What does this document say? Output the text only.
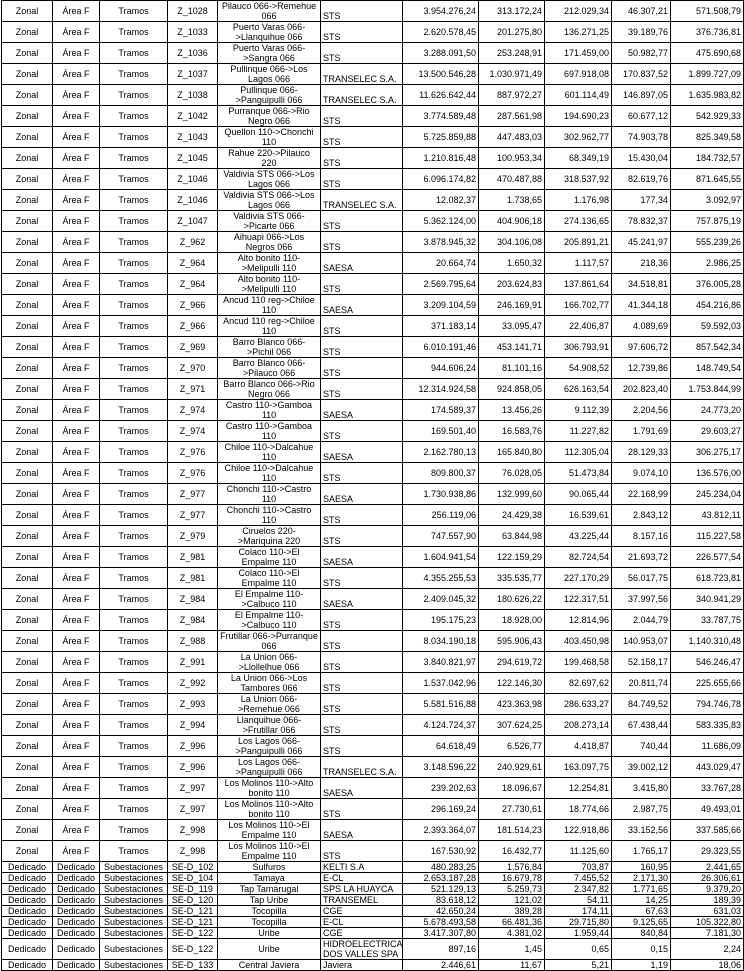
Zonal	Área F	Tramos	Z_1028	Pilauco 066->Remehue 066	STS	3.954.276,24	313.172,24	212.029,34	46.307,21	571.508,79
Zonal	Área F	Tramos	Z_1033	Puerto Varas 066->Llanquihue 066	STS	2.620.578,45	201.275,80	136.271,25	39.189,76	376.736,81
Zonal	Área F	Tramos	Z_1036	Puerto Varas 066->Sangra 066	STS	3.288.091,50	253.248,91	171.459,00	50.982,77	475.690,68
Zonal	Área F	Tramos	Z_1037	Pullinque 066->Los Lagos 066	TRANSELEC S.A.	13.500.546,28	1.030.971,49	697.918,08	170.837,52	1.899.727,09
Zonal	Área F	Tramos	Z_1038	Pullinque 066->Panguipulli 066	TRANSELEC S.A.	11.626.642,44	887.972,27	601.114,49	146.897,05	1.635.983,82
Zonal	Área F	Tramos	Z_1042	Purranque 066->Rio Negro 066	STS	3.774.589,48	287.561,98	194.690,23	60.677,12	542.929,33
Zonal	Área F	Tramos	Z_1043	Quellon 110->Chonchi 110	STS	5.725.859,88	447.483,03	302.962,77	74.903,78	825.349,58
Zonal	Área F	Tramos	Z_1045	Rahue 220->Pilauco 220	STS	1.210.816,48	100.953,34	68.349,19	15.430,04	184.732,57
Zonal	Área F	Tramos	Z_1046	Valdivia STS 066->Los Lagos 066	STS	6.096.174,82	470.487,88	318.537,92	82.619,76	871.645,55
Zonal	Área F	Tramos	Z_1046	Valdivia STS 066->Los Lagos 066	TRANSELEC S.A.	12.082,37	1.738,65	1.176,98	177,34	3.092,97
Zonal	Área F	Tramos	Z_1047	Valdivia STS 066->Picarte 066	STS	5.362.124,00	404.906,18	274.136,65	78.832,37	757.875,19
Zonal	Área F	Tramos	Z_962	Aihuapi 066->Los Negros 066	STS	3.878.945,32	304.106,08	205.891,21	45.241,97	555.239,26
Zonal	Área F	Tramos	Z_964	Alto bonito 110->Melipulli 110	SAESA	20.664,74	1.650,32	1.117,57	218,36	2.986,25
Zonal	Área F	Tramos	Z_964	Alto bonito 110->Melipulli 110	STS	2.569.795,64	203.624,83	137.861,64	34.518,81	376.005,28
Zonal	Área F	Tramos	Z_966	Ancud 110 reg->Chiloe 110	SAESA	3.209.104,59	246.169,91	166.702,77	41.344,18	454.216,86
Zonal	Área F	Tramos	Z_966	Ancud 110 reg->Chiloe 110	STS	371.183,14	33.095,47	22.406,87	4.089,69	59.592,03
Zonal	Área F	Tramos	Z_969	Barro Blanco 066->Pichil 066	STS	6.010.191,46	453.141,71	306.793,91	97.606,72	857.542,34
Zonal	Área F	Tramos	Z_970	Barro Blanco 066->Pilauco 066	STS	944.606,24	81.101,16	54.908,52	12.739,86	148.749,54
Zonal	Área F	Tramos	Z_971	Barro Blanco 066->Rio Negro 066	STS	12.314.924,58	924.858,05	626.163,54	202.823,40	1.753.844,99
Zonal	Área F	Tramos	Z_974	Castro 110->Gamboa 110	SAESA	174.589,37	13.456,26	9.112,39	2.204,56	24.773,20
Zonal	Área F	Tramos	Z_974	Castro 110->Gamboa 110	STS	169.501,40	16.583,76	11.227,82	1.791,69	29.603,27
Zonal	Área F	Tramos	Z_976	Chiloe 110->Dalcahue 110	SAESA	2.162.780,13	165.840,80	112.305,04	28.129,33	306.275,17
Zonal	Área F	Tramos	Z_976	Chiloe 110->Dalcahue 110	STS	809.800,37	76.028,05	51.473,84	9.074,10	136.576,00
Zonal	Área F	Tramos	Z_977	Chonchi 110->Castro 110	SAESA	1.730.938,86	132.999,60	90.065,44	22.168,99	245.234,04
Zonal	Área F	Tramos	Z_977	Chonchi 110->Castro 110	STS	256.119,06	24.429,38	16.539,61	2.843,12	43.812,11
Zonal	Área F	Tramos	Z_979	Ciruelos 220->Mariquina 220	STS	747.557,90	63.844,98	43.225,44	8.157,16	115.227,58
Zonal	Área F	Tramos	Z_981	Colaco 110->El Empalme 110	SAESA	1.604.941,54	122.159,29	82.724,54	21.693,72	226.577,54
Zonal	Área F	Tramos	Z_981	Colaco 110->El Empalme 110	STS	4.355.255,53	335.535,77	227.170,29	56.017,75	618.723,81
Zonal	Área F	Tramos	Z_984	El Empalme 110->Calbuco 110	SAESA	2.409.045,32	180.626,22	122.317,51	37.997,56	340.941,29
Zonal	Área F	Tramos	Z_984	El Empalme 110->Calbuco 110	STS	195.175,23	18.928,00	12.814,96	2.044,79	33.787,75
Zonal	Área F	Tramos	Z_988	Frutillar 066->Purranque 066	STS	8.034.190,18	595.906,43	403.450,98	140.953,07	1.140.310,48
Zonal	Área F	Tramos	Z_991	La Union 066->Llollelhue 066	STS	3.840.821,97	294.619,72	199.468,58	52.158,17	546.246,47
Zonal	Área F	Tramos	Z_992	La Union 066->Los Tambores 066	STS	1.537.042,96	122.146,30	82.697,62	20.811,74	225.655,66
Zonal	Área F	Tramos	Z_993	La Union 066->Remehue 066	STS	5.581.516,88	423.363,98	286.633,27	84.749,52	794.746,78
Zonal	Área F	Tramos	Z_994	Llanquihue 066->Frutillar 066	STS	4.124.724,37	307.624,25	208.273,14	67.438,44	583.335,83
Zonal	Área F	Tramos	Z_996	Los Lagos 066->Panguipulli 066	STS	64.618,49	6.526,77	4.418,87	740,44	11.686,09
Zonal	Área F	Tramos	Z_996	Los Lagos 066->Panguipulli 066	TRANSELEC S.A.	3.148.596,22	240.929,61	163.097,75	39.002,12	443.029,47
Zonal	Área F	Tramos	Z_997	Los Molinos 110->Alto bonito 110	SAESA	239.202,63	18.096,67	12.254,81	3.415,80	33.767,28
Zonal	Área F	Tramos	Z_997	Los Molinos 110->Alto bonito 110	STS	296.169,24	27.730,61	18.774,66	2.987,75	49.493,01
Zonal	Área F	Tramos	Z_998	Los Molinos 110->El Empalme 110	SAESA	2.393.364,07	181.514,23	122.918,86	33.152,56	337.585,66
Zonal	Área F	Tramos	Z_998	Los Molinos 110->El Empalme 110	STS	167.530,92	16.432,77	11.125,60	1.765,17	29.323,55
Dedicado	Dedicado	Subestaciones	SE-D_102	Sulfuros	KELTI S.A	480.283,25	1.576,84	703,87	160,95	2.441,65
Dedicado	Dedicado	Subestaciones	SE-D_104	Tamaya	E-CL	2.653.187,28	16.679,78	7.455,52	2.171,30	26.306,61
Dedicado	Dedicado	Subestaciones	SE-D_119	Tap Tamarugal	SPS LA HUAYCA	521.129,13	5.259,73	2.347,82	1.771,65	9.379,20
Dedicado	Dedicado	Subestaciones	SE-D_120	Tap Uribe	TRANSEMEL	83.618,12	121,02	54,11	14,25	189,39
Dedicado	Dedicado	Subestaciones	SE-D_121	Tocopilla	CGE	42.650,24	389,28	174,11	67,63	631,03
Dedicado	Dedicado	Subestaciones	SE-D_121	Tocopilla	E-CL	5.678.493,58	66.481,36	29.715,80	9.125,65	105.322,80
Dedicado	Dedicado	Subestaciones	SE-D_122	Uribe	CGE	3.417.307,80	4.381,02	1.959,44	840,84	7.181,30
Dedicado	Dedicado	Subestaciones	SE-D_122	Uribe	HIDROELECTRICA DOS VALLES SPA	897,16	1,45	0,65	0,15	2,24
Dedicado	Dedicado	Subestaciones	SE-D_133	Central Javiera	Javiera	2.446,61	11,67	5,21	1,19	18,06
